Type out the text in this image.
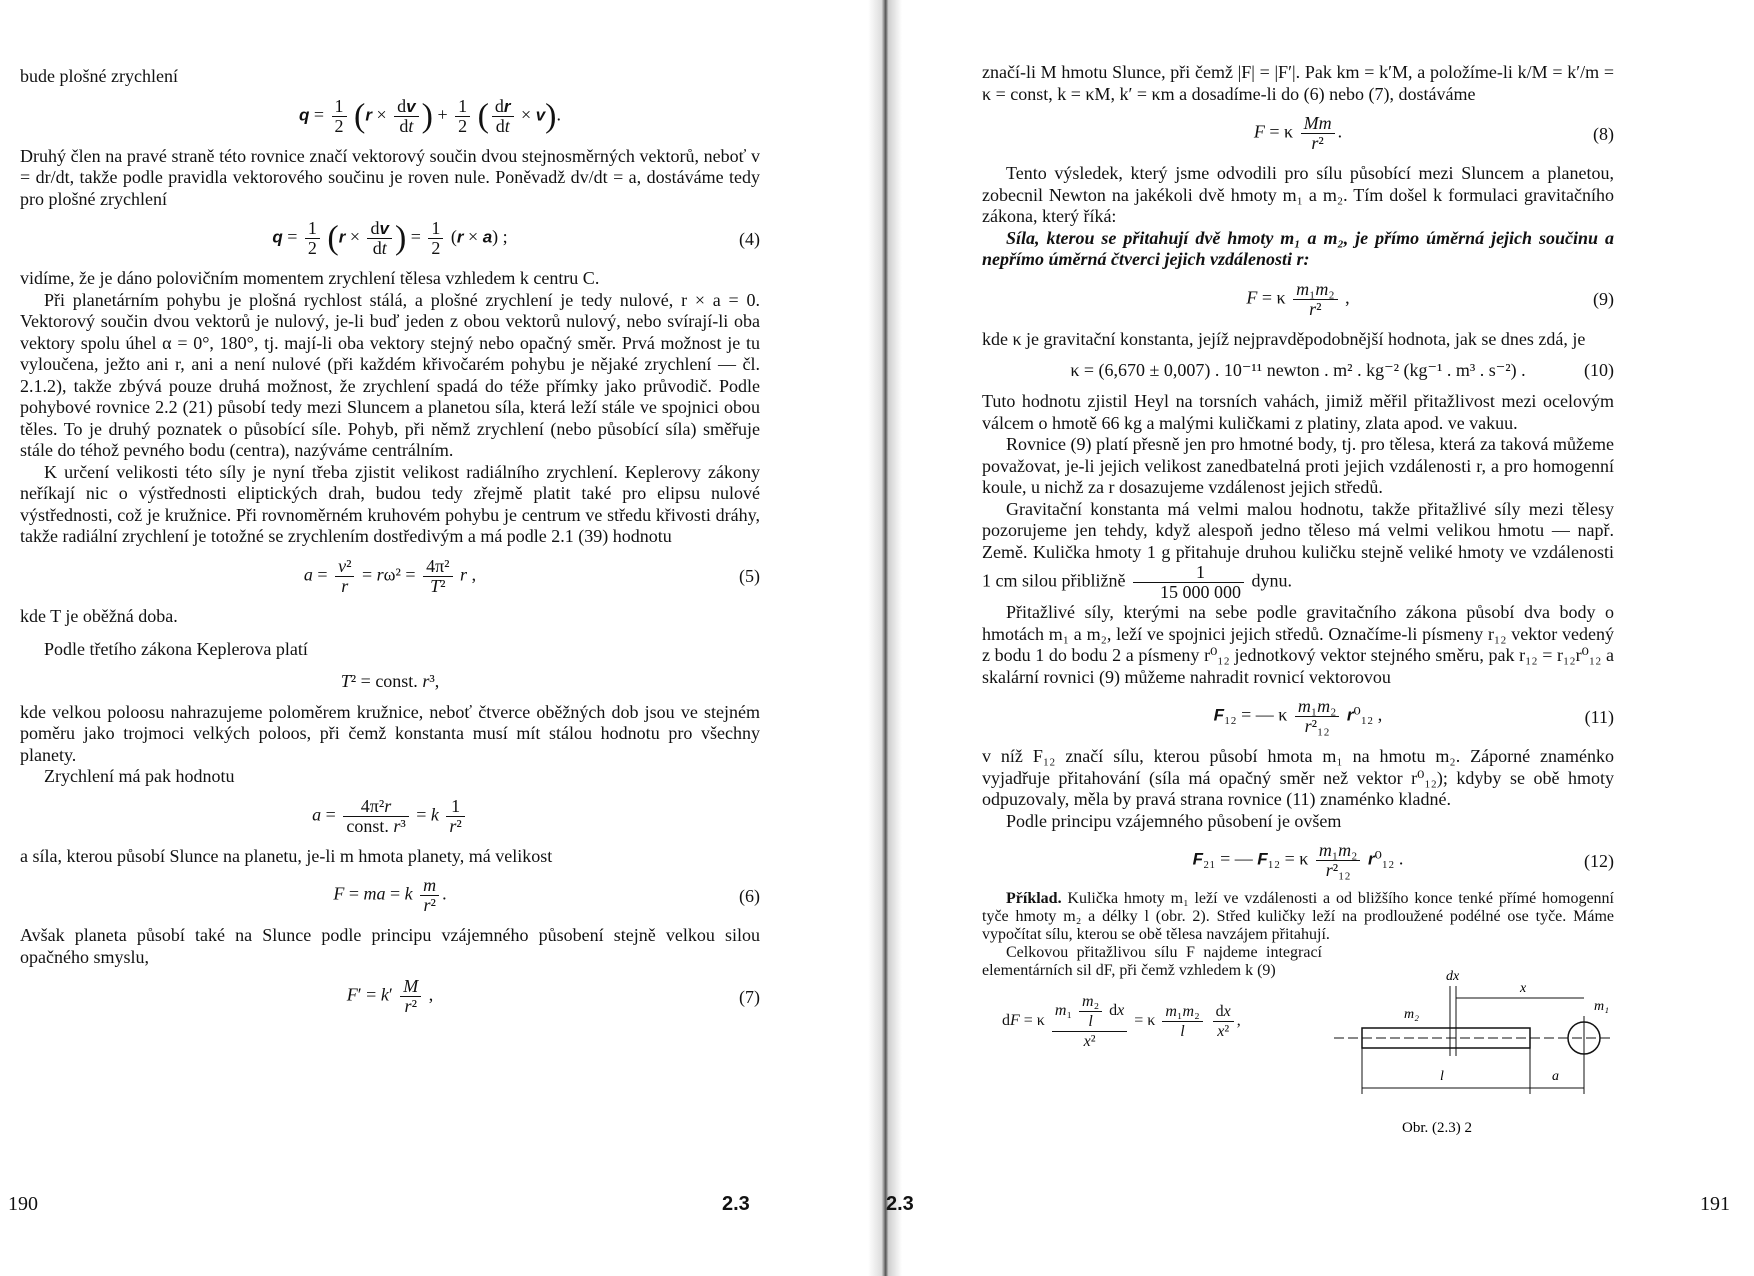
bude plošné zrychlení

$q = \frac{1}{2} (r \times \frac{dv}{dt}$ ) + $\frac{1}{2}$ ( $\frac{dr}{dt} \times v$).

Druhý člen na pravé straně této rovnice značí vektorový součin dvou stejnosměrných vektorů, neboť v = dr/dt, takže podle pravidla vektorového součinu je roven nule. Poněvadž dv/dt = a, dostáváme tedy pro plošné zrychlení

$q = \frac{1}{2} (r \times \frac{dv}{dt}$ ) = $\frac{1}{2} (r \times a)$ ;	(4)

vidíme, že je dáno polovičním momentem zrychlení tělesa vzhledem k centru C.

Při planetárním pohybu je plošná rychlost stálá, a plošné zrychlení je tedy nulové, r × a = 0. Vektorový součin dvou vektorů je nulový, je-li buď jeden z obou vektorů nulový, nebo svírají-li oba vektory spolu úhel α = 0°, 180°, tj. mají-li oba vektory stejný nebo opačný směr. Prvá možnost je tu vyloučena, ježto ani r, ani a není nulové (při každém křivočarém pohybu je nějaké zrychlení — čl. 2.1.2), takže zbývá pouze druhá možnost, že zrychlení spadá do téže přímky jako průvodič. Podle pohybové rovnice 2.2 (21) působí tedy mezi Sluncem a planetou síla, která leží stále ve spojnici obou těles. To je druhý poznatek o působící síle. Pohyb, při němž zrychlení (nebo působící síla) směřuje stále do téhož pevného bodu (centra), nazýváme centrálním.

K určení velikosti této síly je nyní třeba zjistit velikost radiálního zrychlení. Keplerovy zákony neříkají nic o výstřednosti eliptických drah, budou tedy zřejmě platit také pro elipsu nulové výstřednosti, což je kružnice. Při rovnoměrném kruhovém pohybu je centrum ve středu křivosti dráhy, takže radiální zrychlení je totožné se zrychlením dostředivým a má podle 2.1 (39) hodnotu

$a = \frac{\text{v²}}{r} = r\omega^2 = \frac{\text{4π²}}{\text{T²}}$ r ,	(5)

kde T je oběžná doba.

Podle třetího zákona Keplerova platí

T² = const. r³,

kde velkou poloosu nahrazujeme poloměrem kružnice, neboť čtverce oběžných dob jsou ve stejném poměru jako trojmoci velkých poloos, při čemž konstanta musí mít stálou hodnotu pro všechny planety.

Zrychlení má pak hodnotu

$a = \frac{\text{4π²r}}{\text{const. r³}} = k \frac{1}{\text{r²}}$

a síla, kterou působí Slunce na planetu, je-li m hmota planety, má velikost

F = ma = k $\frac{m}{\text{r²}}$ .	(6)

Avšak planeta působí také na Slunce podle principu vzájemného působení stejně velkou silou opačného smyslu,

$F' = k' \frac{M}{\text{r²}}$ ,	(7)
190	2.3

značí-li M hmotu Slunce, při čemž |F| = |F′|. Pak km = k′M, a položíme-li k/M = k′/m = κ = const, k = κM, k′ = κm a dosadíme-li do (6) nebo (7), dostáváme

F = κ $\frac{Mm}{\text{r²}}$ .	(8)

Tento výsledek, který jsme odvodili pro sílu působící mezi Sluncem a planetou, zobecnil Newton na jakékoli dvě hmoty m₁ a m₂. Tím došel k formulaci gravitačního zákona, který říká:

Síla, kterou se přitahují dvě hmoty m₁ a m₂, je přímo úměrná jejich součinu a nepřímo úměrná čtverci jejich vzdálenosti r:

F = κ $\frac{\text{m₁m₂}}{\text{r²}}$ ,	(9)

kde κ je gravitační konstanta, jejíž nejpravděpodobnější hodnota, jak se dnes zdá, je

κ = (6,670 ± 0,007) . 10⁻¹¹ newton . m² . kg⁻² (kg⁻¹ . m³ . s⁻²) .	(10)

Tuto hodnotu zjistil Heyl na torsních vahách, jimiž měřil přitažlivost mezi ocelovým válcem o hmotě 66 kg a malými kuličkami z platiny, zlata apod. ve vakuu.

Rovnice (9) platí přesně jen pro hmotné body, tj. pro tělesa, která za taková můžeme považovat, je-li jejich velikost zanedbatelná proti jejich vzdálenosti r, a pro homogenní koule, u nichž za r dosazujeme vzdálenost jejich středů.

Gravitační konstanta má velmi malou hodnotu, takže přitažlivé síly mezi tělesy pozorujeme jen tehdy, když alespoň jedno těleso má velmi velikou hmotu — např. Země. Kulička hmoty 1 g přitahuje druhou kuličku stejně veliké hmoty ve vzdálenosti 1 cm silou přibližně $\frac{1}{15 000 000}$ dynu.

Přitažlivé síly, kterými na sebe podle gravitačního zákona působí dva body o hmotách m₁ a m₂, leží ve spojnici jejich středů. Označíme-li písmeny r₁₂ vektor vedený z bodu 1 do bodu 2 a písmeny r⁰₁₂ jednotkový vektor stejného směru, pak r₁₂ = r₁₂r⁰₁₂ a skalární rovnici (9) můžeme nahradit rovnicí vektorovou

F₁₂ = — κ $\frac{\text{m₁m₂}}{\text{r²₁₂}} r^0_{12}$ ,	(11)

v níž F₁₂ značí sílu, kterou působí hmota m₁ na hmotu m₂. Záporné znaménko vyjadřuje přitahování (síla má opačný směr než vektor r⁰₁₂); kdyby se obě hmoty odpuzovaly, měla by pravá strana rovnice (11) znaménko kladné.

Podle principu vzájemného působení je ovšem

F₂₁ = — F₁₂ = κ $\frac{\text{m₁m₂}}{\text{r²₁₂}} r^0_{12}$ .	(12)

Příklad. Kulička hmoty m₁ leží ve vzdálenosti a od bližšího konce tenké přímé homogenní tyče hmoty m₂ a délky l (obr. 2). Střed kuličky leží na prodloužené podélné ose tyče. Máme vypočítat sílu, kterou se obě tělesa navzájem přitahují.

Celkovou přitažlivou sílu F najdeme integrací elementárních sil dF, při čemž vzhledem k (9)

dF = κ $\frac{m_1 \frac{\text{m₂}}{l} dx}{\text{x²}} = \kappa \frac{\text{m₁m₂}}{l}$
$\frac{dx}{\text{x²}}$ ,
dx
x
m₂
m₁
l	a
Obr. (2.3) 2
2.3	191
